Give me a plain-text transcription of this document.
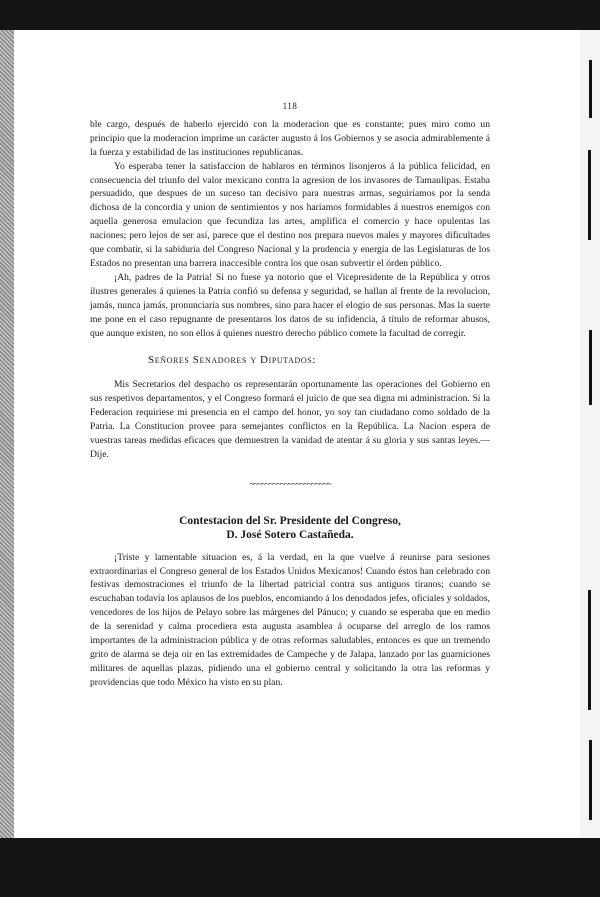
118

ble cargo, después de haberlo ejercido con la moderacion que es constante; pues miro como un principio que la moderacion imprime un carácter augusto á los Gobiernos y se asocia admirablemente á la fuerza y estabilidad de las instituciones republicanas.

Yo esperaba tener la satisfaccion de hablaros en términos lisonjeros á la pública felicidad, en consecuencia del triunfo del valor mexicano contra la agresion de los invasores de Tamaulipas. Estaba persuadido, que despues de un suceso tan decisivo para nuestras armas, seguiríamos por la senda dichosa de la concordia y union de sentimientos y nos haríamos formidables á nuestros enemigos con aquella generosa emulacion que fecundiza las artes, amplifica el comercio y hace opulentas las naciones; pero lejos de ser así, parece que el destino nos prepara nuevos males y mayores dificultades que combatir, si la sabiduría del Congreso Nacional y la prudencia y energía de las Legislaturas de los Estados no presentan una barrera inaccesible contra los que osan subvertir el órden público.

¡Ah, padres de la Patria! Si no fuese ya notorio que el Vicepresidente de la República y otros ilustres generales á quienes la Patria confió su defensa y seguridad, se hallan al frente de la revolucion, jamás, nunca jamás, pronunciaría sus nombres, sino para hacer el elogio de sus personas. Mas la suerte me pone en el caso repugnante de presentaros los datos de su infidencia, á título de reformar abusos, que aunque existen, no son ellos á quienes nuestro derecho público comete la facultad de corregir.

Señores Senadores y Diputados:

Mis Secretarios del despacho os representarán oportunamente las operaciones del Gobierno en sus respetivos departamentos, y el Congreso formará el juicio de que sea digna mi administracion. Si la Federacion requiriese mi presencia en el campo del honor, yo soy tan ciudadano como soldado de la Patria. La Constitucion provee para semejantes conflictos en la República. La Nacion espera de vuestras tareas medidas eficaces que demuestren la vanidad de atentar á su gloria y sus santas leyes.—Dije.

~~~~~~~~~~~~~~~~~~~~~
Contestacion del Sr. Presidente del Congreso,
D. José Sotero Castañeda.

¡Triste y lamentable situacion es, á la verdad, en la que vuelve á reunirse para sesiones extraordinarias el Congreso general de los Estados Unidos Mexicanos! Cuando éstos han celebrado con festivas demostraciones el triunfo de la libertad patricial contra sus antiguos tiranos; cuando se escuchaban todavía los aplausos de los pueblos, encomiando á los denodados jefes, oficiales y soldados, vencedores de los hijos de Pelayo sobre las márgenes del Pánuco; y cuando se esperaba que en medio de la serenidad y calma procediera esta augusta asamblea á ocuparse del arreglo de los ramos importantes de la administracion pública y de otras reformas saludables, entonces es que un tremendo grito de alarma se deja oir en las extremidades de Campeche y de Jalapa, lanzado por las guarniciones militares de aquellas plazas, pidiendo una el gobierno central y solicitando la otra las reformas y providencias que todo México ha visto en su plan.
